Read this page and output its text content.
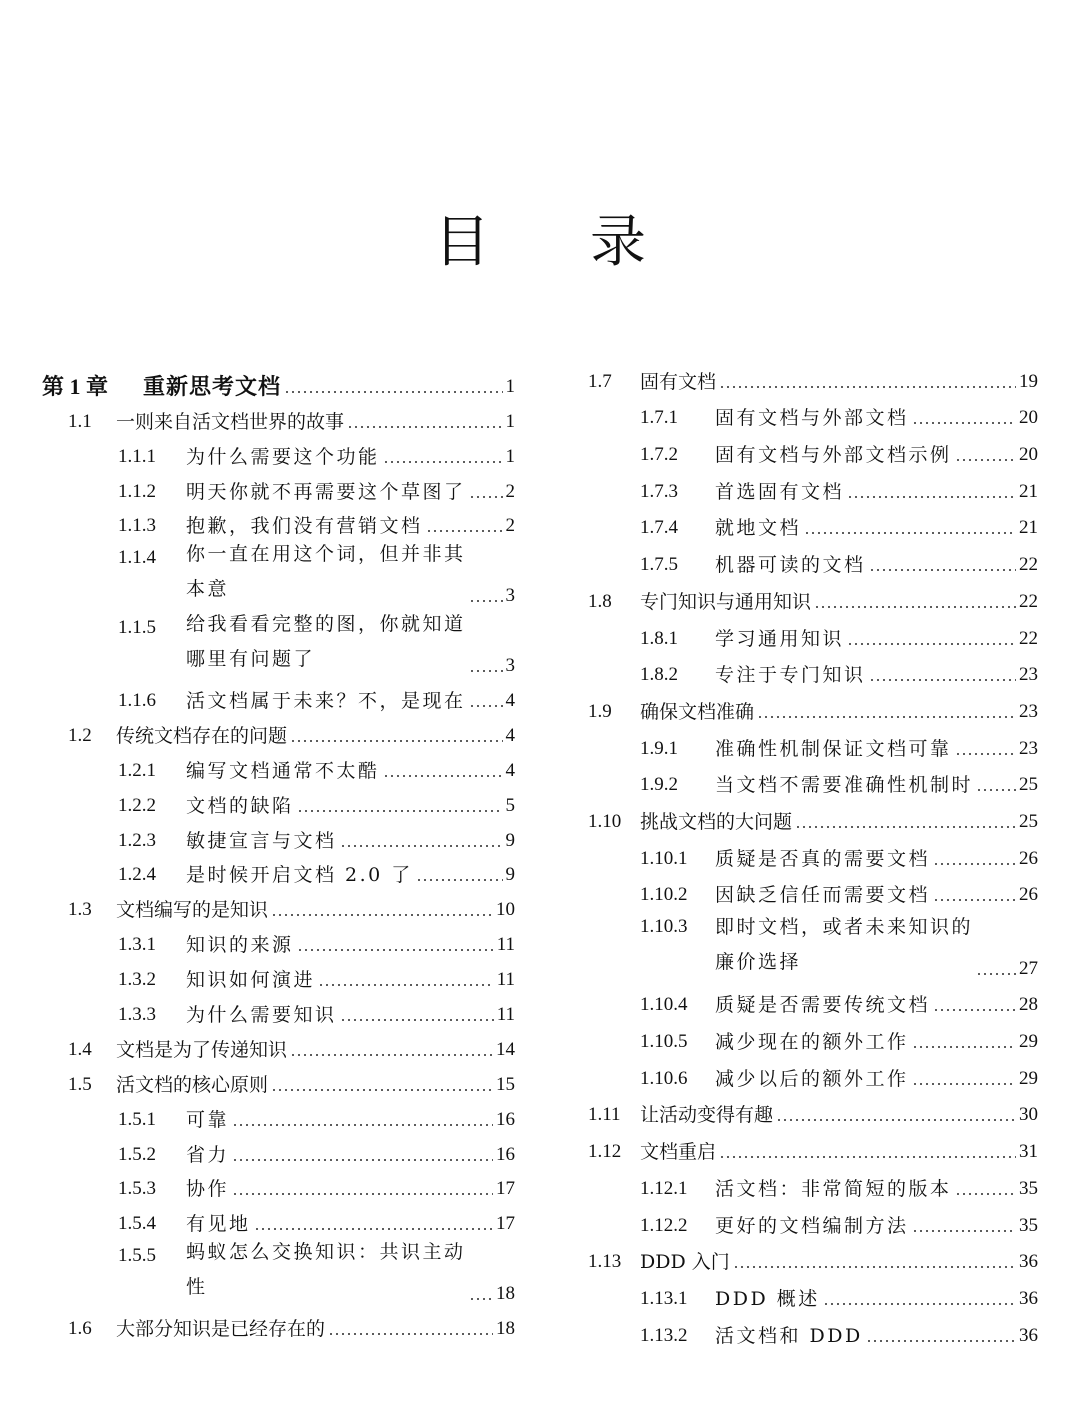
目 录
第 1 章	重新思考文档	1
1.1	一则来自活文档世界的故事	1
1.1.1	为什么需要这个功能	1
1.1.2	明天你就不再需要这个草图了 2
1.1.3	抱歉，我们没有营销文档	2
1.1.4	你一直在用这个词，但并非其
本意	3
1.1.5	给我看看完整的图，你就知道
哪里有问题了	3
1.1.6	活文档属于未来？不，是现在 4
1.2	传统文档存在的问题	4
1.2.1	编写文档通常不太酷	4
1.2.2	文档的缺陷	5
1.2.3	敏捷宣言与文档	9
1.2.4	是时候开启文档 2.0 了	9
1.3	文档编写的是知识	10
1.3.1	知识的来源	11
1.3.2	知识如何演进	11
1.3.3	为什么需要知识	11
1.4	文档是为了传递知识	14
1.5	活文档的核心原则	15
1.5.1	可靠	16
1.5.2	省力	16
1.5.3	协作	17
1.5.4	有见地	17
1.5.5	蚂蚁怎么交换知识：共识主动
性	18
1.6	大部分知识是已经存在的	18
1.7	固有文档	19
1.7.1	固有文档与外部文档	20
1.7.2	固有文档与外部文档示例	20
1.7.3	首选固有文档	21
1.7.4	就地文档	21
1.7.5	机器可读的文档	22
1.8	专门知识与通用知识	22
1.8.1	学习通用知识	22
1.8.2	专注于专门知识	23
1.9	确保文档准确	23
1.9.1	准确性机制保证文档可靠	23
1.9.2	当文档不需要准确性机制时 25
1.10 挑战文档的大问题	25
1.10.1	质疑是否真的需要文档	26
1.10.2	因缺乏信任而需要文档	26
1.10.3	即时文档，或者未来知识的
廉价选择	27
1.10.4	质疑是否需要传统文档	28
1.10.5	减少现在的额外工作	29
1.10.6	减少以后的额外工作	29
1.11	让活动变得有趣	30
1.12 文档重启	31
1.12.1	活文档：非常简短的版本	35
1.12.2	更好的文档编制方法	35
1.13 DDD 入门	36
1.13.1	DDD 概述	36
1.13.2	活文档和 DDD	36
